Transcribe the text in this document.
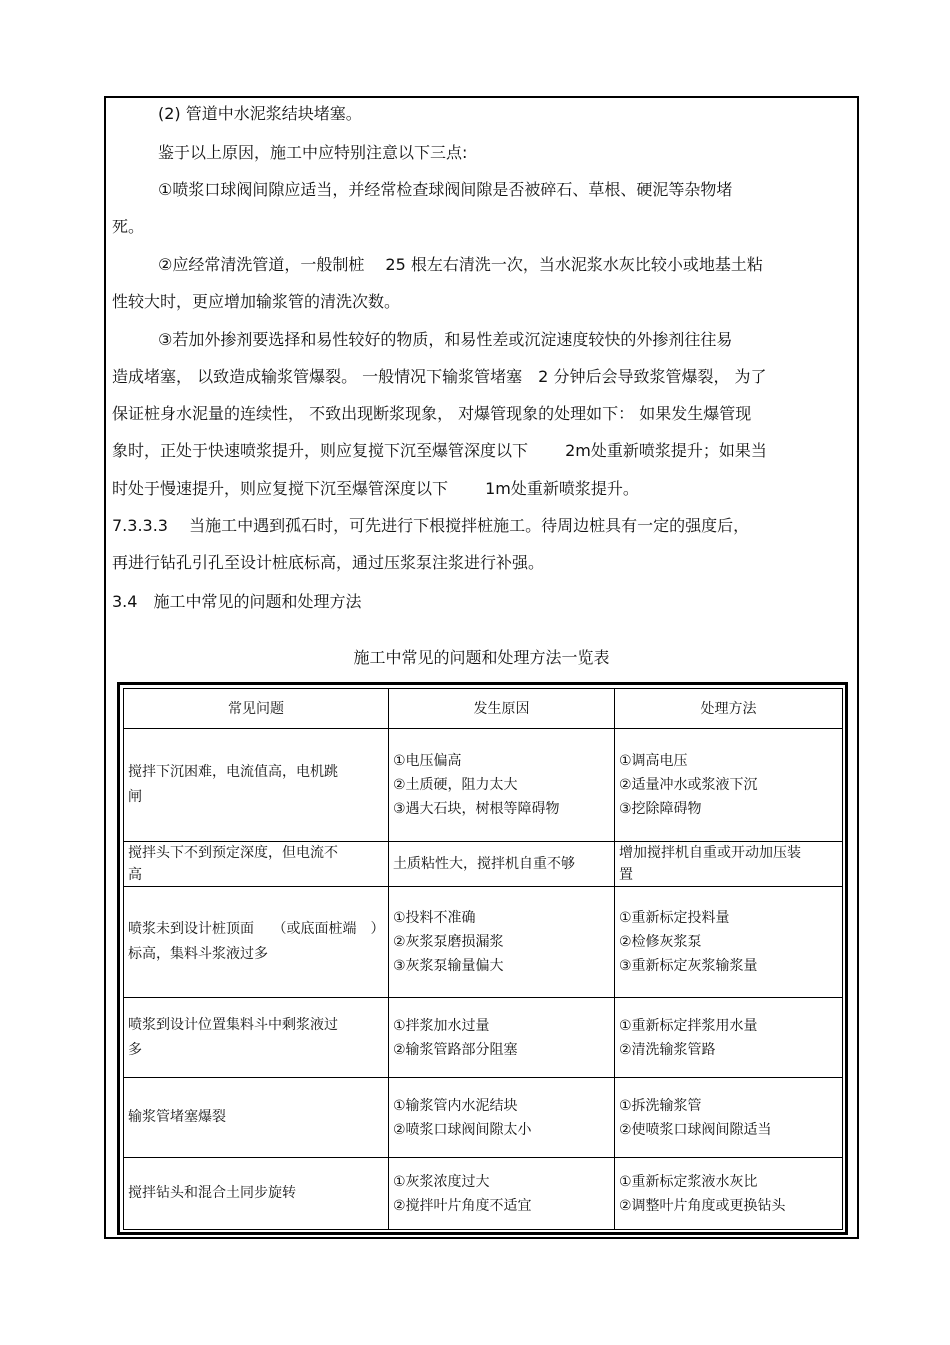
(2) 管道中水泥浆结块堵塞。

鉴于以上原因，施工中应特别注意以下三点:

①喷浆口球阀间隙应适当，并经常检查球阀间隙是否被碎石、草根、硬泥等杂物堵

死。

②应经常清洗管道，一般制桩　 25 根左右清洗一次，当水泥浆水灰比较小或地基土粘

性较大时，更应增加输浆管的清洗次数。

③若加外掺剂要选择和易性较好的物质，和易性差或沉淀速度较快的外掺剂往往易

造成堵塞， 以致造成输浆管爆裂。 一般情况下输浆管堵塞　2 分钟后会导致浆管爆裂， 为了

保证桩身水泥量的连续性， 不致出现断浆现象， 对爆管现象的处理如下： 如果发生爆管现

象时，正处于快速喷浆提升，则应复搅下沉至爆管深度以下　　 2m处重新喷浆提升；如果当

时处于慢速提升，则应复搅下沉至爆管深度以下　　 1m处重新喷浆提升。

7.3.3.3　 当施工中遇到孤石时，可先进行下根搅拌桩施工。待周边桩具有一定的强度后，

再进行钻孔引孔至设计桩底标高，通过压浆泵注浆进行补强。

3.4　施工中常见的问题和处理方法

施工中常见的问题和处理方法一览表

常见问题	发生原因	处理方法

搅拌下沉困难，电流值高，电机跳
闸	①电压偏高
②土质硬，阻力太大
③遇大石块，树根等障碍物	①调高电压
②适量冲水或浆液下沉
③挖除障碍物

搅拌头下不到预定深度，但电流不
高	土质粘性大，搅拌机自重不够	增加搅拌机自重或开动加压装
置

喷浆未到设计桩顶面　 （或底面桩端　）
标高，集料斗浆液过多	①投料不准确
②灰浆泵磨损漏浆
③灰浆泵输量偏大	①重新标定投料量
②检修灰浆泵
③重新标定灰浆输浆量

喷浆到设计位置集料斗中剩浆液过
多	①拌浆加水过量
②输浆管路部分阻塞	①重新标定拌浆用水量
②清洗输浆管路

输浆管堵塞爆裂	①输浆管内水泥结块
②喷浆口球阀间隙太小	①拆洗输浆管
②使喷浆口球阀间隙适当

搅拌钻头和混合土同步旋转	①灰浆浓度过大
②搅拌叶片角度不适宜	①重新标定浆液水灰比
②调整叶片角度或更换钻头
